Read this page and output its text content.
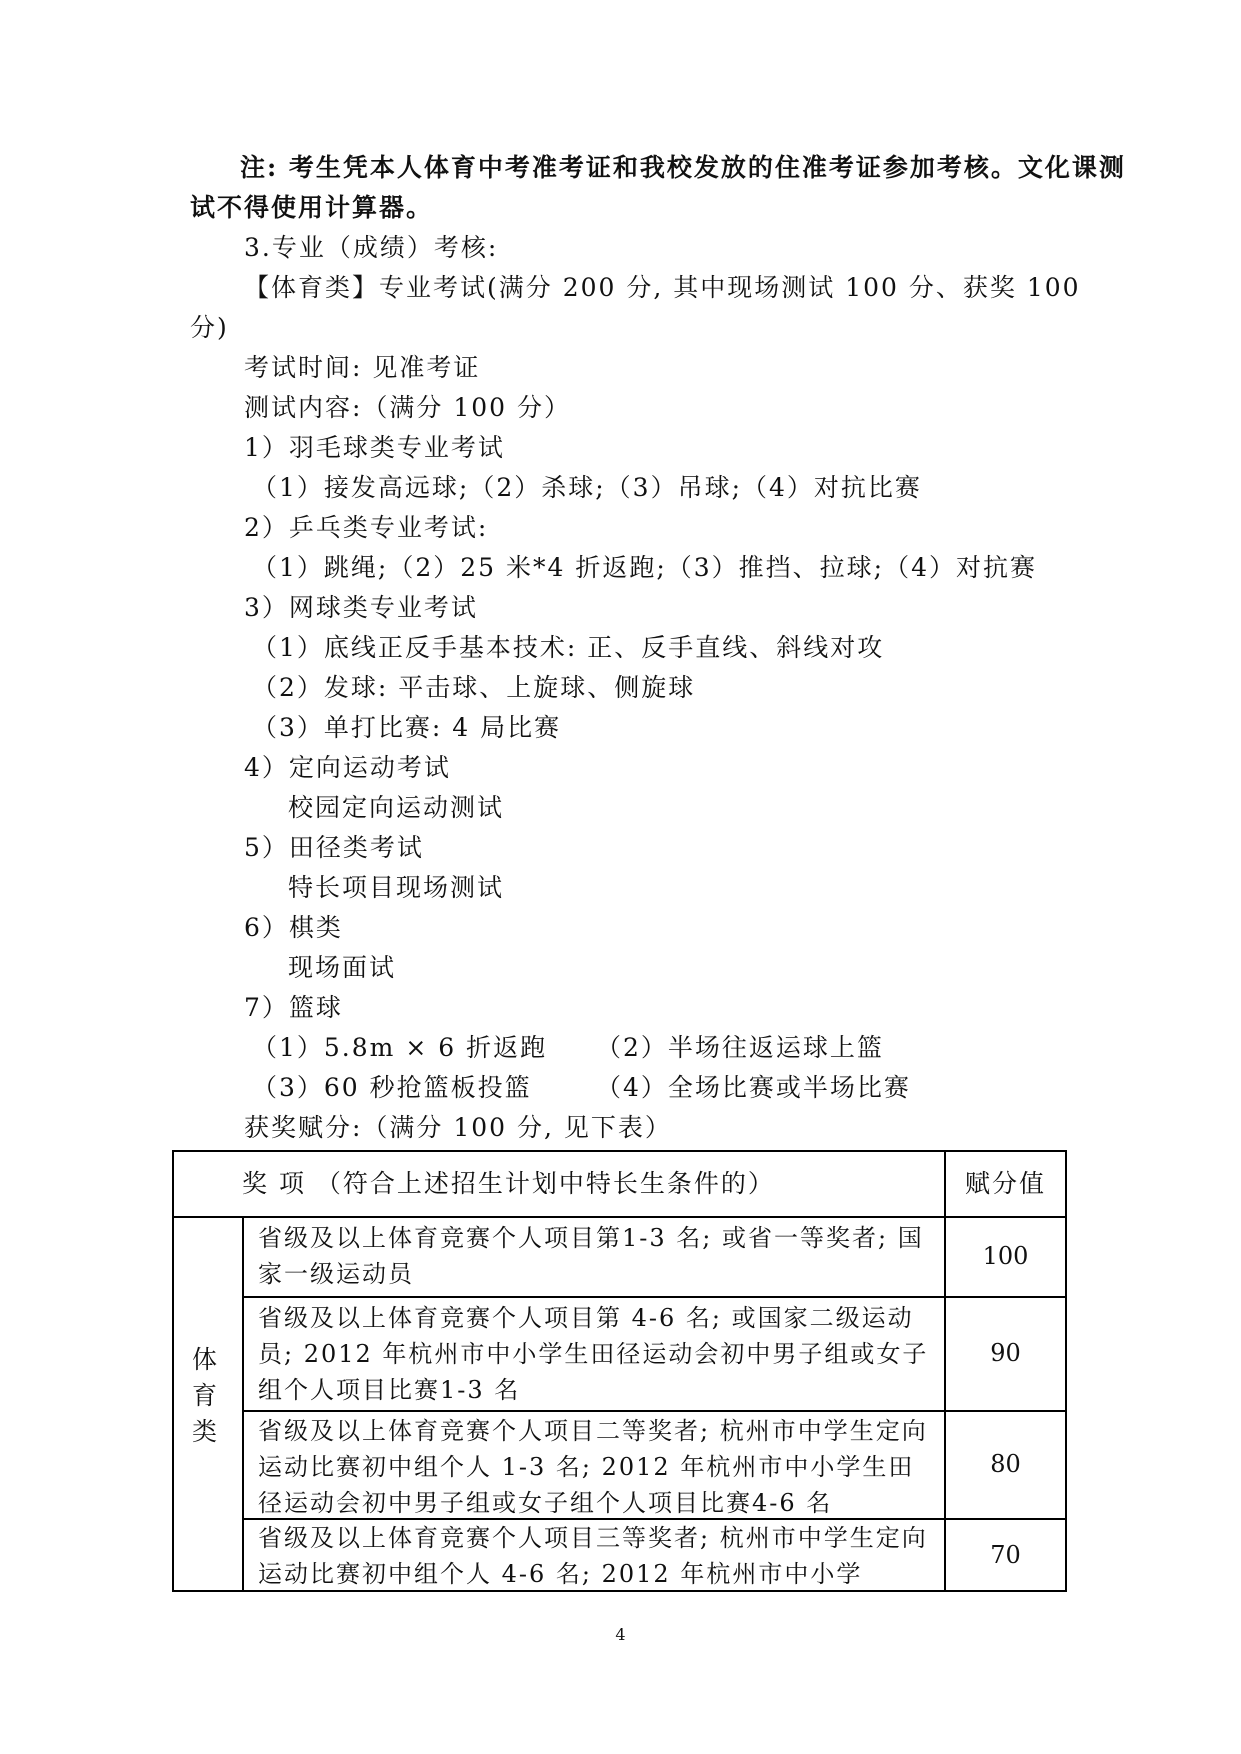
注: 考生凭本人体育中考准考证和我校发放的住准考证参加考核。文化课测
试不得使用计算器。
3.专业（成绩）考核:
【体育类】专业考试(满分 200 分, 其中现场测试 100 分、获奖 100
分)
考试时间: 见准考证
测试内容:（满分 100 分）
1）羽毛球类专业考试
（1）接发高远球;（2）杀球;（3）吊球;（4）对抗比赛
2）乒乓类专业考试:
（1）跳绳;（2）25 米*4 折返跑;（3）推挡、拉球;（4）对抗赛
3）网球类专业考试
（1）底线正反手基本技术: 正、反手直线、斜线对攻
（2）发球: 平击球、上旋球、侧旋球
（3）单打比赛: 4 局比赛
4）定向运动考试
校园定向运动测试
5）田径类考试
特长项目现场测试
6）棋类
现场面试
7）篮球
（1）5.8m × 6 折返跑 （2）半场往返运球上篮
（3）60 秒抢篮板投篮	（4）全场比赛或半场比赛
获奖赋分:（满分 100 分, 见下表）
奖 项 （符合上述招生计划中特长生条件的）	赋分值
体育类
省级及以上体育竞赛个人项目第1-3 名; 或省一等奖者; 国家一级运动员
100
省级及以上体育竞赛个人项目第 4-6 名; 或国家二级运动员; 2012 年杭州市中小学生田径运动会初中男子组或女子组个人项目比赛1-3 名
90
省级及以上体育竞赛个人项目二等奖者; 杭州市中学生定向运动比赛初中组个人 1-3 名; 2012 年杭州市中小学生田径运动会初中男子组或女子组个人项目比赛4-6 名
80
省级及以上体育竞赛个人项目三等奖者; 杭州市中学生定向运动比赛初中组个人 4-6 名; 2012 年杭州市中小学
70
4
